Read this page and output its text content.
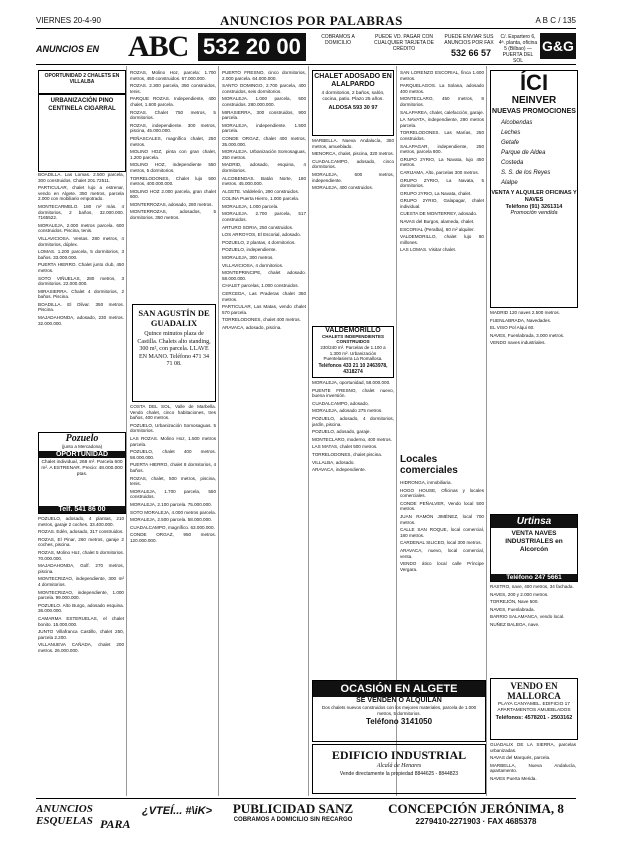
VIERNES 20-4-90	ANUNCIOS POR PALABRAS	A B C / 135
ANUNCIOS EN ABC 532 20 00	COBRAMOS A DOMICILIO
PUEDE VD. PAGAR CON CUALQUIER TARJETA DE CRÉDITO
PUEDE ENVIAR SUS ANUNCIOS POR FAX
532 66 57
C/. Espartero 6, 4ª. planta, oficina 5 (Bilbao) — PUERTA DEL SOL
G&G
OPORTUNIDAD 2 CHALETS EN VILLALBA
URBANIZACIÓN PINO CENTINELA CIGARRAL

BOADILLA. Las Lomas. 2.500 parcela, 300 construidos. Chalet 201.72511.

PARTICULAR, chalet lujo a estrenar, vendo en Algete. 350 metros, parcela 2.000 con mobiliario empotrado.

MONTECARMELO. 180 m² más. 4 dormitorios, 2 baños, 32.000.000. 7165522.

MORALEJA, 2.000 metros parcela. 600 construidos. Piscina, tenis.

VILLAVICIOSA. Ventas. 280 metros, 4 dormitorios, dúplex.

LOMAS. 1.200 parcela, 5 dormitorios, 3 baños. 33.000.000.

PUERTA HIERRO. Chalet junto club, 450 metros.

SOTO VIÑUELAS, 280 metros, 3 dormitorios. 22.000.000.

MIRASIERRA. Chalet 4 dormitorios, 2 baños. Piscina.

BOADILLA. El Olivar. 350 metros. Piscina.

MAJADAHONDA, adosado, 230 metros. 32.000.000.

Pozuelo
(junto a Mercadona)
OPORTUNIDAD
Chalet individual, 268 m². Parcela 600 m². A ESTRENAR. Precio: 48.000.000 ptas.
Telf. 541 86 00

POZUELO, adosado, 4 plantas, 210 metros, garaje 2 coches. 33.400.000.

ROZAS. Edén, adosado, 317 construidos.

ROZAS, El Pinar, 260 metros, garaje 2 coches, piscina.

ROZAS, Molino Hoz, chalet 5 dormitorios. 70.000.000.

MAJADAHONDA, Golf. 270 metros, piscina.

MONTECRIZAO, independiente, 300 m² 4 dormitorios.

MONTECRIZAO, independiente, 1.000 parcela. 99.000.000.

POZUELO. Alto Burgo, adosado esquina. 36.000.000.

CAMARMA ESTERUELAS, el chalet bonito. 15.000.000.

JUNTO Villafranca Castillo, chalet 250, parcela 2.200.

VILLANUEVA CAÑADA, chalet 200 metros. 26.000.000.

ROZAS, Molino Hoz, parcela: 1.700 metros, 450 construidos. 67.000.000.

ROZAS. 2.300 parcela, 350 construidos, tenis.

PARQUE ROZAS. Independiente, 400 chalet, 1.600 parcela.

ROZAS. Chalet 750 metros, 5 dormitorios.

ROZAS, independiente. 300 metros, piscina, 45.000.000.

PEÑASCALES, magnífico chalet, 250 metros.

MOLINO HOZ, pinta con gran chalet, 1.200 parcela.

MOLINO HOZ, independiente 550 metros, 5 dormitorios.

TORRELODONES, Chalet lujo 500 metros, 400.000.000.

MOLINO HOZ 2.000 parcela, gran chalet 600.

MONTERROZAS, adosado, 280 metros.

MONTERROZAS, adosados, 5 dormitorios. 350 metros.

SAN AGUSTÍN DE GUADALIX
Quince minutos plaza de Castilla. Chalets alto standing, 300 m², con parcela. LLAVE EN MANO. Teléfono 471 34 71 08.

COSTA DEL SOL, Valle de Marbella. Vendo chalet, cinco habitaciones, tres baños, 400 metros.

POZUELO, Urbanización Somosaguas. 5 dormitorios.

LAS ROZAS. Molino Hoz, 1.500 metros parcela.

POZUELO, chalet 400 metros. 58.000.000.

PUERTA HIERRO, chalet 8 dormitorios, 4 baños.

ROZAS, chalet, 500 metros, piscina, tenis.

MORALEJA, 1.700 parcela, 550 construidos.

MORALEJA, 2.100 parcela. 75.000.000.

SOTO MORALEJA, 4.000 metros parcela.

MORALEJA, 2.500 parcela. 58.000.000.

CUADALCAMPO, magnífico. 63.000.000.

CONDE ORGAZ, 950 metros. 120.000.000.

PUERTO FRESNO, cinco dormitorios, 2.000 parcela. 64.000.000.

SANTO DOMINGO, 2.700 parcela, 400 construidos, seis dormitorios.

MORALEJA. 1.000 parcela, 500 construidos. 280.000.000.

MIRASIERRA, 300 construidos, 900 parcela.

MORALEJA, independiente. 1.500 parcela.

CONDE ORGAZ, chalet 400 metros, 35.000.000.

MORALEJA. Urbanización Somosaguas, 250 metros.

MADRID, adosado, esquina, 4 dormitorios.

ALCOBENDAS. Batán Norte, 180 metros. 45.000.000.

ALGETE. Valdeleón, 290 construidos.

COLINA Puerta Hierro, 1.000 parcela.

MORALEJA, 1.000 parcela.

MORALEJA. 2.700 parcela, 517 construidos.

ARTURO SORIA, 250 construidos.

LOS ARROYOS, El Escorial, adosado.

POZUELO, 2 plantas, 4 dormitorios.

POZUELO, independiente.

MORALEJA, 300 metros.

VILLAVICIOSA, 4 dormitorios.

MONTEPRINCIPE, chalet adosado. 58.000.000.

CHALET parcelas, 1.000 construidos.

CERCEDA, Las Praderas chalet 350 metros.

PARTICULAR, Las Matas, vendo chalet 570 parcela.

TORRELODONES, chalet 400 metros.

ARAVACA, adosado, piscina.

CHALET ADOSADO EN ALALPARDO
4 dormitorios, 2 baños, salón, cocina, patio. Plazo 25 años.
ALDOSA 593 30 97

MARBELLA. Nueva Andalucía, 350 metros, amueblado.

MENORCA, chalet, piscina, 320 metros.

CUADALCAMPO, adosado, cinco dormitorios.

MORALEJA, 600 metros, independiente.

MORALEJA, 400 construidos.

VALDEMORILLO
CHALETS INDEPENDIENTES CONSTRUIDOS
230/240 m². Parcelas de 1.100 a 1.300 m². Urbanización Puentelasierra La Romallosa.
Teléfonos 433 21 10 2463978, 4318274

MORALEJA, oportunidad, 58.000.000.

PUENTE FRESNO, chalet nuevo, buena inversión.

CUADALCAMPO, adosado.

MORALEJA, adosado 275 metros.

POZUELO, adosado, 4 dormitorios, jardín, piscina.

POZUELO, adosado, garaje.

MONTECLARO, moderno, 400 metros.

LAS MATAS, chalet 500 metros.

TORRELODONES, chalet piscina.

VILLALBA, adosado.

ARAVACA, independiente.

SAN LORENZO ESCORIAL, finca 1.600 metros.

PARQUELAGOS. La Solana, adosado 400 metros.

MONTECLARO, 450 metros, 8 dormitorios.

SALAPAREA, chalet, calefacción, garaje.

LA NAVATA, independiente, 290 metros parcela.

TORRELODONES. Las Marías, 250 construidos.

SALAPAGAR, independiente, 250 metros, parcela 800.

GRUPO 2YRIO, La Navata, lujo 450 metros.

CARIJAMA, Alto, parcelas 300 metros.

GRUPO ZYRIO, La Navata, 5 dormitorios.

GRUPO 2YRIO, La Navata, chalet.

GRUPO 2YRIO, Galapagar, chalet individual.

CUESTA DE MONTERREY, adosado.

NAVAS del Burgos, alameda, chalet.

ESCORIAL (Peralba), 60 m² alquiler.

VALDEMORILLO, chalet lujo 80 millones.

LAS LOMAS. Visitar chalet.

Locales comerciales

HIDRONGA, inmobiliaria.

HOGO HOUSE, Oficinas y locales comerciales.

CONDE PEÑALVER, Vendo local 500 metros.

JUAN RAMÓN JIMÉNEZ, local 700 metros.

CALLE SAN ROQUE, local comercial, 180 metros.

CARDENAL SILICEO, local 300 metros.

ARAVACA, nuevo, local comercial, venta.

VENDO ático local calle Príncipe Vergara.

OCASIÓN EN ALGETE
SE VENDEN O ALQUILAN
Dos chalets nuevos construidos con los mejores materiales, parcela de 1.000 metros, 5 dormitorios.
Teléfono 3141050
EDIFICIO INDUSTRIAL
Alcalá de Henares
Vende directamente la propiedad 8844625 - 8844823
ÍCI
NEINVER
NUEVAS PROMOCIONES
Alcobendas
Leches
Getafe
Parque de Aldea
Costeda
S. S. de los Reyes
Alalpe
VENTA Y ALQUILER OFICINAS Y NAVES
Teléfono (91) 3261314
Promoción vendida

MADRID 120 naves 2.500 metros.

FUENLABRADA, Navedades.

EL VISO Pol Alqui 60.

NAVES, Fuenlabrada, 3.000 metros.

VENDO naves industriales.

Urtinsa
VENTA NAVES INDUSTRIALES en Alcorcón
Teléfono 247 5661

RASTRO, nave, 400 metros, 34 fachada.

NAVES, 200 y 2.000 metros.

TORREJÓN, Nave 500.

NAVES, Fuenlabrada.

BARRIO SALAMANCA, vendo local.

NUÑEZ BALBOA, nave.

VENDO EN MALLORCA
PLAYA CANYAMEL. EDIFICIO 17 APARTAMENTOS AMUEBLADOS
Teléfonos: 4578201 - 2503162

GUADALIX DE LA SIERRA, parcelas urbanizadas.

NAVAS del Marqués, parcela.

MARBELLA, Nueva Andalucía, apartamento.

NAVES Puerta Merida.

ANUNCIOS
ESQUELAS PARA
¿VTEÍ... #\iK>	PUBLICIDAD SANZ
COBRAMOS A DOMICILIO SIN RECARGO
CONCEPCIÓN JERÓNIMA, 8
2279410-2271903 · FAX 4685378
